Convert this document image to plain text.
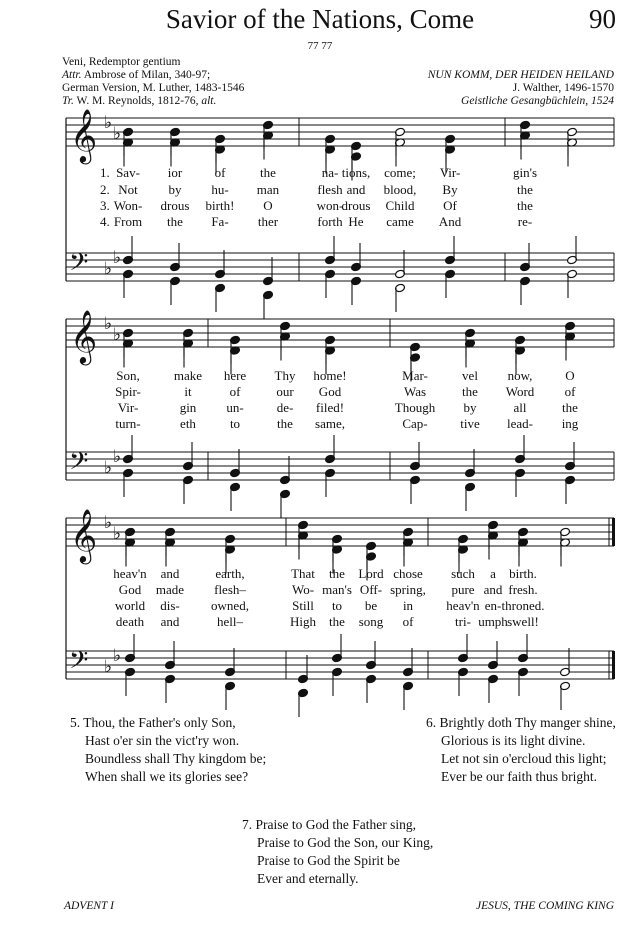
Savior of the Nations, Come	90
77 77
Veni, Redemptor gentium
Attr. Ambrose of Milan, 340-97;
German Version, M. Luther, 1483-1546
Tr. W. M. Reynolds, 1812-76, alt.
NUN KOMM, DER HEIDEN HEILAND
J. Walther, 1496-1570
Geistliche Gesangbüchlein, 1524
𝄞
𝄢
♭
♭
♭
♭
𝄞
𝄢
♭
♭
♭
♭
𝄞
𝄢
♭
♭
♭
♭
1. Sav- ior of	the	na- tions, come; Vir-	gin's
2. Not by hu- man	flesh and blood, By	the
3. Won- drous birth! O	won-
drous Child Of	the
4. From the Fa- ther	forth He came And	re-
Son,	make here Thy home!	Mar-	vel now,	O
Spir-	it	of	our God	Was	the Word of
Vir-	gin un-	de- filed!	Though by	all	the
turn-	eth	to	the same,	Cap-	tive lead- ing
heav'n and	earth,	That the Lord chose such a birth.
God made flesh–	Wo- man's Off- spring, pure and fresh.
world dis- owned,	Still to be in	heav'n en- throned.
death and	hell–	High the song of	tri- umph swell!
5. Thou, the Father's only Son,
Hast o'er sin the vict'ry won.
Boundless shall Thy kingdom be;
When shall we its glories see?
6. Brightly doth Thy manger shine,
Glorious is its light divine.
Let not sin o'ercloud this light;
Ever be our faith thus bright.
7. Praise to God the Father sing,
Praise to God the Son, our King,
Praise to God the Spirit be
Ever and eternally.
ADVENT I	JESUS, THE COMING KING
